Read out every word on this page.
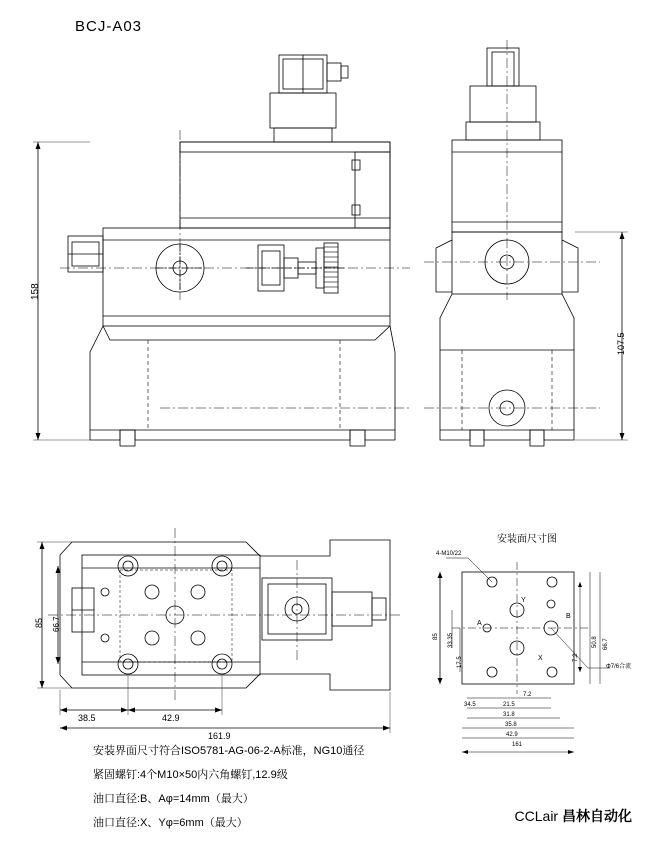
BCJ-A03
158
107.5
85 66.7
38.5	42.9
161.9
安装面尺寸图
4-M10/22
Φ7/6合流
A
B
X
Y
85 33.35
17.5
34.5
7.2
21.5
31.8
35.8
42.9
50.8 66.7
7.2
161
安装界面尺寸符合ISO5781-AG-06-2-A标准，NG10通径
紧固螺钉:4个M10×50内六角螺钉,12.9级
油口直径:B、Aφ=14mm（最大）
油口直径:X、Yφ=6mm（最大）	CCLair 昌林自动化
